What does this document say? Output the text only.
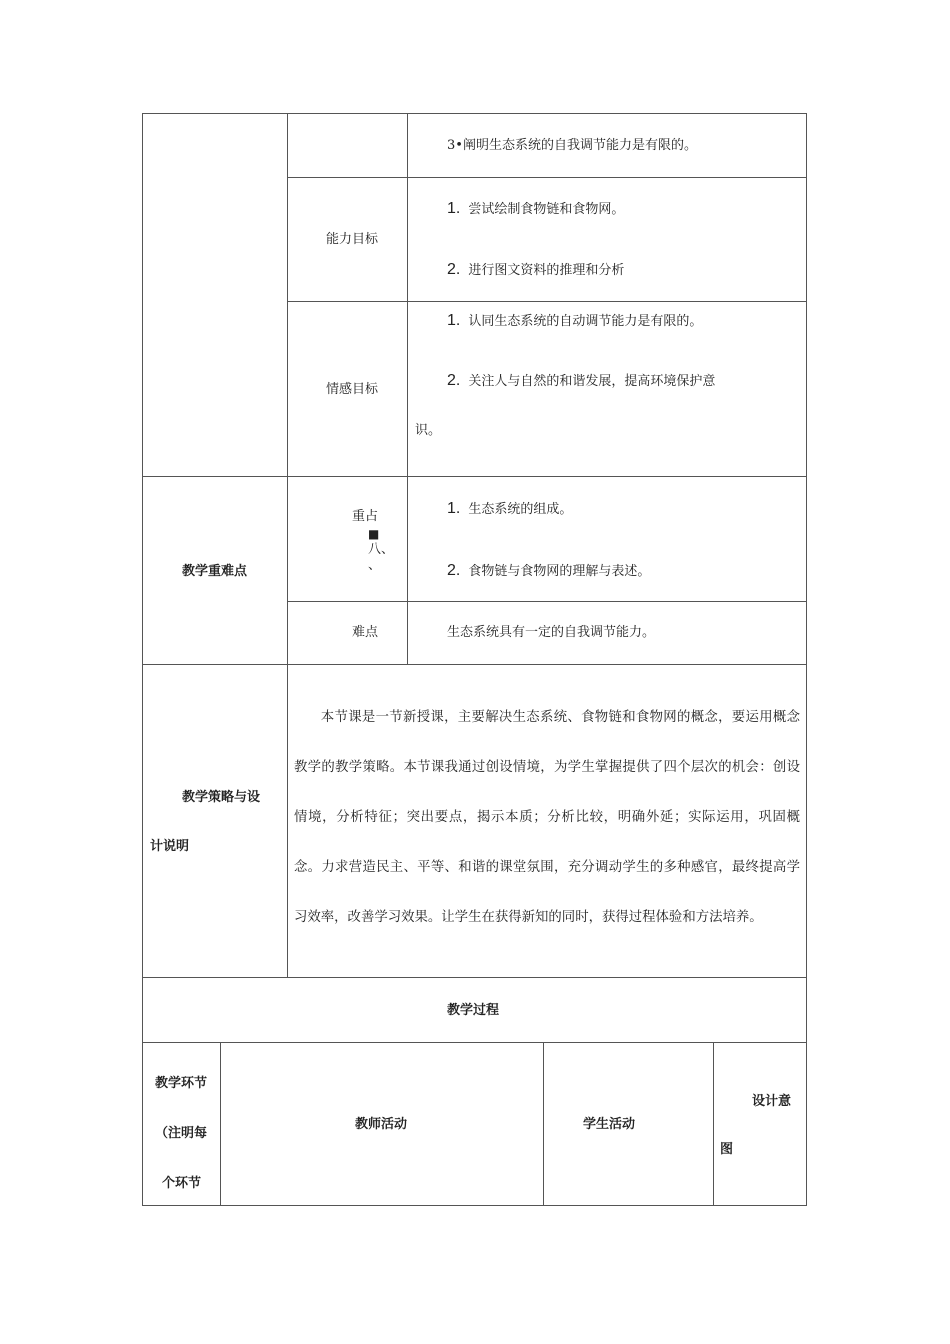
3•阐明生态系统的自我调节能力是有限的。
能力目标
1. 尝试绘制食物链和食物网。
2. 进行图文资料的推理和分析
情感目标
1. 认同生态系统的自动调节能力是有限的。
2. 关注人与自然的和谐发展，提高环境保护意
识。
教学重难点
重占
■
八、
、
1. 生态系统的组成。
2. 食物链与食物网的理解与表述。
难点	生态系统具有一定的自我调节能力。
教学策略与设
计说明
本节课是一节新授课，主要解决生态系统、食物链和食物网的概念，要运用概念教学的教学策略。本节课我通过创设情境，为学生掌握提供了四个层次的机会：创设情境，分析特征；突出要点，揭示本质；分析比较，明确外延；实际运用，巩固概念。力求营造民主、平等、和谐的课堂氛围，充分调动学生的多种感官，最终提高学习效率，改善学习效果。让学生在获得新知的同时，获得过程体验和方法培养。
教学过程
教学环节
（注明每
个环节
教师活动	学生活动
设计意
图
